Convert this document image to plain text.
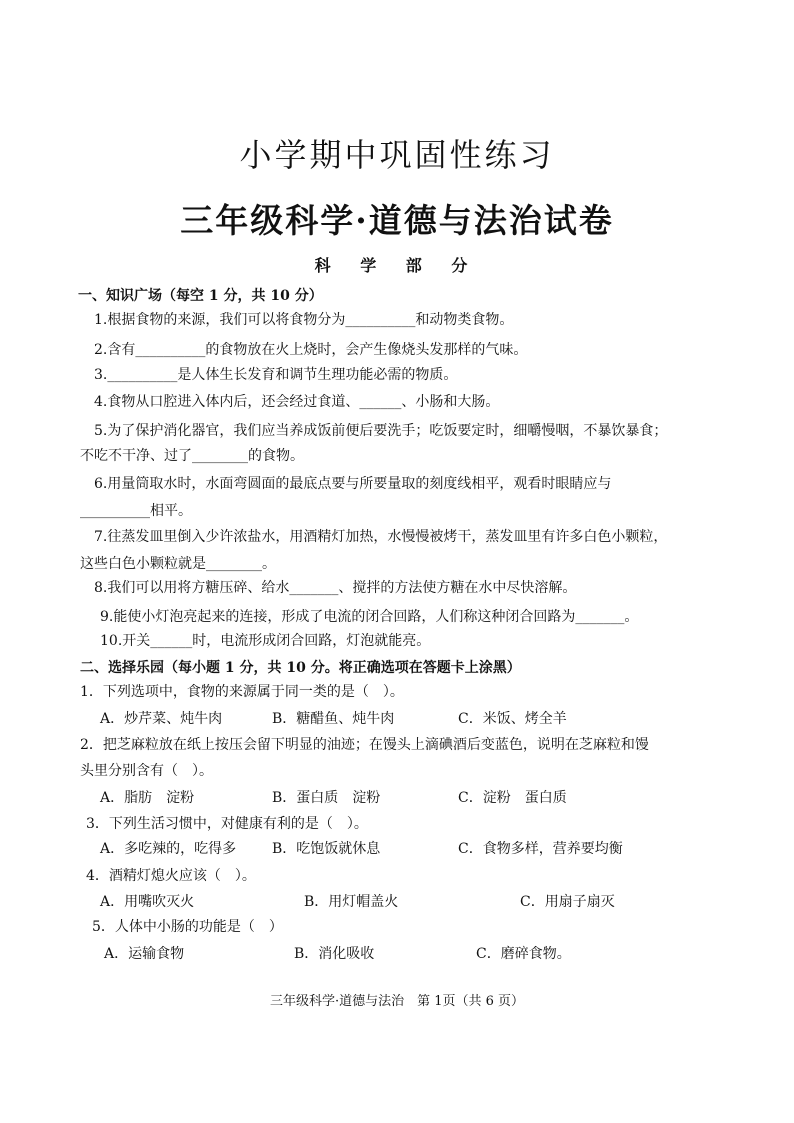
小学期中巩固性练习
三年级科学·道德与法治试卷
科 学 部 分
一、知识广场（每空 1 分，共 10 分）
1.根据食物的来源，我们可以将食物分为__________和动物类食物。
2.含有__________的食物放在火上烧时，会产生像烧头发那样的气味。
3.__________是人体生长发育和调节生理功能必需的物质。
4.食物从口腔进入体内后，还会经过食道、______、小肠和大肠。
5.为了保护消化器官，我们应当养成饭前便后要洗手；吃饭要定时，细嚼慢咽，不暴饮暴食；
不吃不干净、过了________的食物。
6.用量筒取水时，水面弯圆面的最底点要与所要量取的刻度线相平，观看时眼睛应与
__________相平。
7.往蒸发皿里倒入少许浓盐水，用酒精灯加热，水慢慢被烤干，蒸发皿里有许多白色小颗粒，
这些白色小颗粒就是________。
8.我们可以用将方糖压碎、给水_______、搅拌的方法使方糖在水中尽快溶解。
9.能使小灯泡亮起来的连接，形成了电流的闭合回路，人们称这种闭合回路为_______。
10.开关______时，电流形成闭合回路，灯泡就能亮。
二、选择乐园（每小题 1 分，共 10 分。将正确选项在答题卡上涂黑）
1．下列选项中，食物的来源属于同一类的是（　）。
A．炒芹菜、炖牛肉	B．糖醋鱼、炖牛肉	C．米饭、烤全羊
2．把芝麻粒放在纸上按压会留下明显的油迹；在馒头上滴碘酒后变蓝色，说明在芝麻粒和馒
头里分别含有（　）。
A．脂肪　淀粉	B．蛋白质　淀粉	C．淀粉　蛋白质
3．下列生活习惯中，对健康有利的是（　）。
A．多吃辣的，吃得多	B．吃饱饭就休息	C．食物多样，营养要均衡
4．酒精灯熄火应该（　）。
A．用嘴吹灭火	B．用灯帽盖火	C．用扇子扇灭
5．人体中小肠的功能是（　）
A．运输食物	B．消化吸收	C．磨碎食物。
三年级科学·道德与法治　第 1页（共 6 页）
